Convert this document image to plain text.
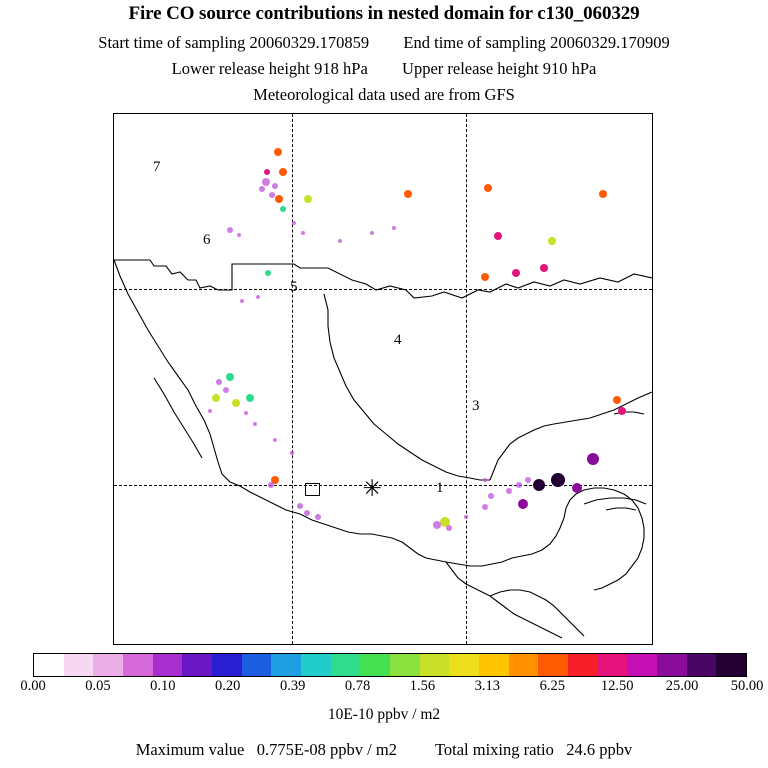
Fire CO source contributions in nested domain for c130_060329
Start time of sampling 20060329.170859 End time of sampling 20060329.170909
Lower release height 918 hPa Upper release height 910 hPa
Meteorological data used are from GFS
7
6
5
4
3
1
✳
0.00	0.05	0.10	0.20	0.39	0.78	1.56	3.13	6.25 12.50 25.00 50.00
10E-10 ppbv / m2
Maximum value 0.775E-08 ppbv / m2 Total mixing ratio 24.6 ppbv
